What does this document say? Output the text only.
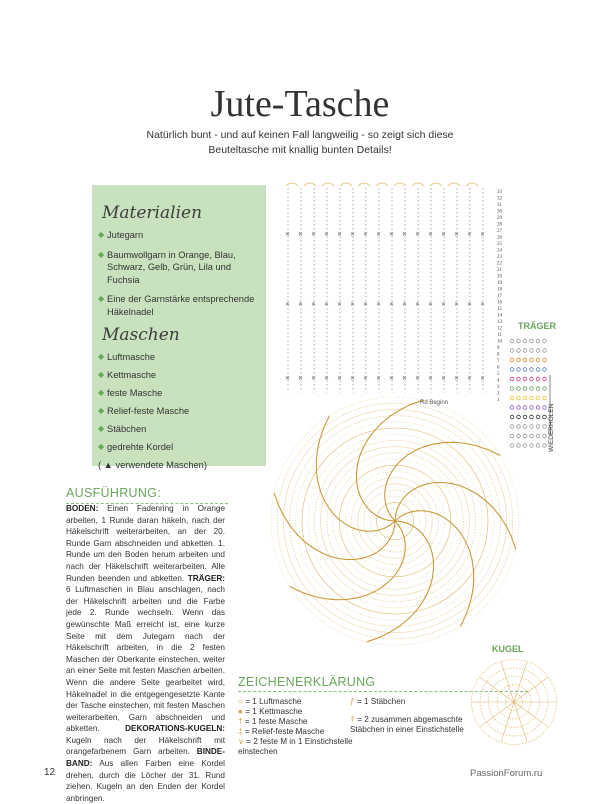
Jute-Tasche
Natürlich bunt - und auf keinen Fall langweilig - so zeigt sich diese Beuteltasche mit knallig bunten Details!
Materialien
◆ Jutegarn
◆ Baumwollgarn in Orange, Blau, Schwarz, Gelb, Grün, Lila und Fuchsia
◆ Eine der Garnstärke entsprechende Häkelnadel
Maschen
◆ Luftmasche
◆ Kettmasche
◆ feste Masche
◆ Relief-feste Masche
◆ Stäbchen
◆ gedrehte Kordel
( ▲ verwendete Maschen)
AUSFÜHRUNG:
BODEN: Einen Fadenring in Orange arbeiten, 1 Runde daran häkeln, nach der Häkelschrift weiterarbeiten, an der 20. Runde Garn abschneiden und abketten. 1. Runde um den Boden herum arbeiten und nach der Häkelschrift weiterarbeiten. Alle Runden beenden und abketten. TRÄGER: 6 Luftmaschen in Blau anschlagen, nach der Häkelschrift arbeiten und die Farbe jede 2. Runde wechseln. Wenn das gewünschte Maß erreicht ist, eine kurze Seite mit dem Jutegarn nach der Häkelschrift arbeiten, in die 2 festen Maschen der Oberkante einstechen, weiter an einer Seite mit festen Maschen arbeiten. Wenn die andere Seite gearbeitet wird, Häkelnadel in die entgegengesetzte Kante der Tasche einstechen, mit festen Maschen weiterarbeiten, Garn abschneiden und abketten.	DEKORATIONS-KUGELN: Kugeln nach der Häkelschrift mit orangefarbenem Garn arbeiten. BINDE-BAND: Aus allen Farben eine Kordel drehen, durch die Löcher der 31. Rund ziehen. Kugeln an den Enden der Kordel anbringen.
✕
✕
✕
✕
✕
✕
✕
✕
✕
✕
✕
✕
✕
✕
✕
✕
✕
✕
✕
✕
✕
✕
✕
✕
✕
✕
✕
✕
✕
✕
✕
✕
✕
✕
✕
✕
✕
✕
✕
✕
✕
✕
✕
✕
✕
✕
✕
✕
33
32
31
30
29
28
27
26
25
24
23
22
21
20
19
18
17
16
15
14
13
12
11
10
9
8
7
6
5
4
3
2
1
Rd Beginn
TRÄGER
WIEDERHOLEN
KUGEL
ZEICHENERKLÄRUNG
○ = 1 Luftmasche
● = 1 Kettmasche
† = 1 feste Masche
‡ = Relief-feste Masche
∨ = 2 feste M in 1 Einstichstelle einstechen
ƒ = 1 Stäbchen
⍒ = 2 zusammen abgemaschte Stäbchen in einer Einstichstelle
12	PassionForum.ru
